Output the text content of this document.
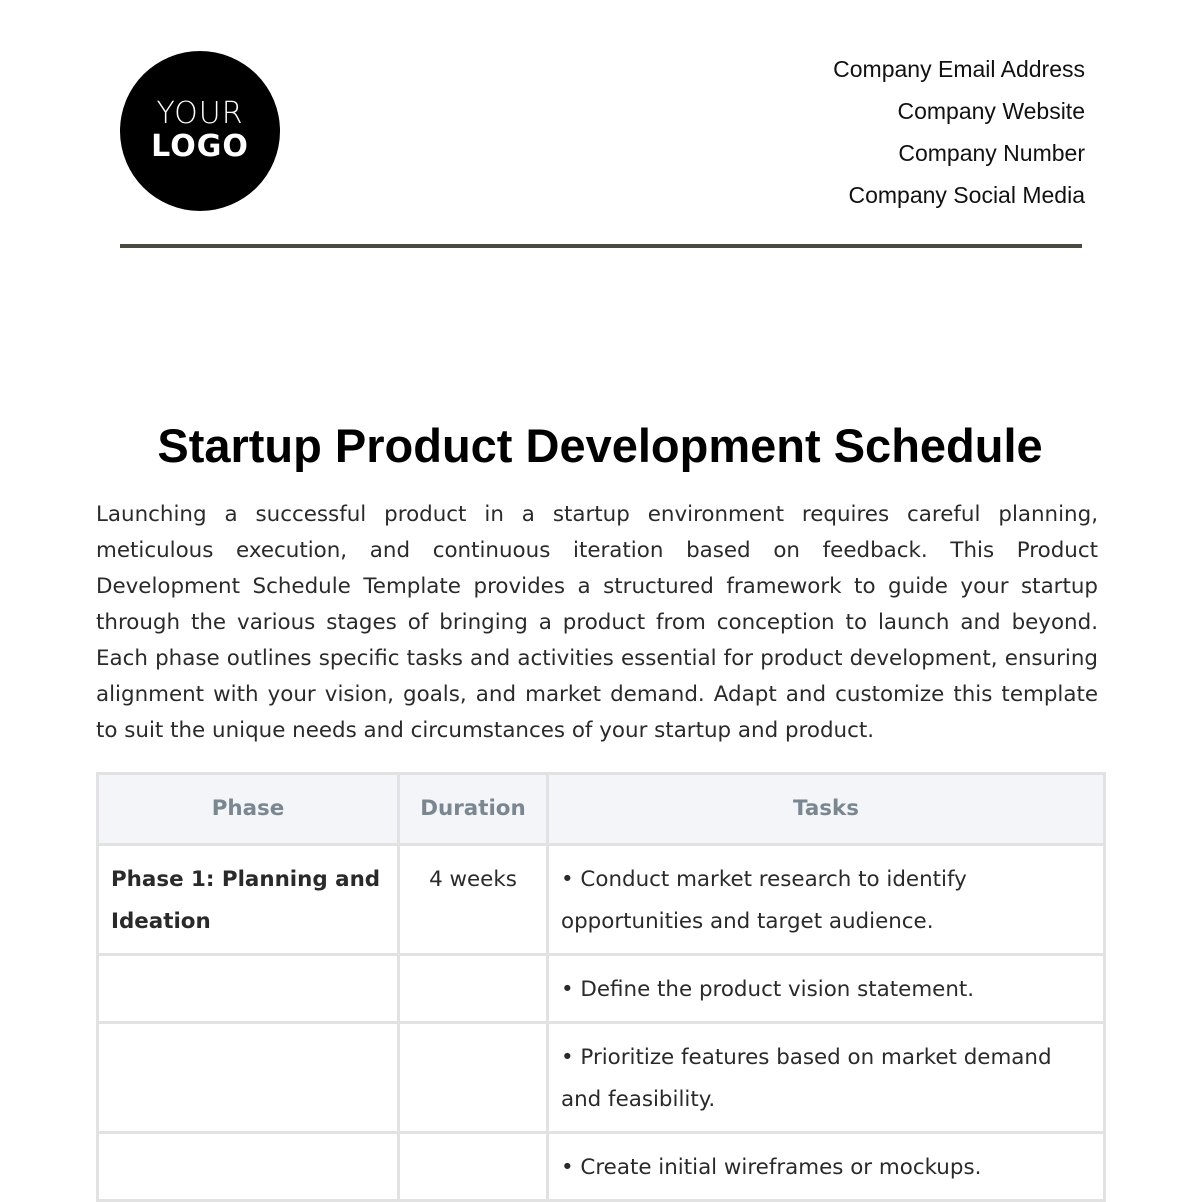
YOUR
LOGO
Company Email Address
Company Website
Company Number
Company Social Media
Startup Product Development Schedule

Launching a successful product in a startup environment requires careful planning, meticulous execution, and continuous iteration based on feedback. This Product Development Schedule Template provides a structured framework to guide your startup through the various stages of bringing a product from conception to launch and beyond. Each phase outlines specific tasks and activities essential for product development, ensuring alignment with your vision, goals, and market demand. Adapt and customize this template to suit the unique needs and circumstances of your startup and product.

Phase	Duration	Tasks
Phase 1: Planning and Ideation	4 weeks	• Conduct market research to identify opportunities and target audience.
		• Define the product vision statement.
		• Prioritize features based on market demand and feasibility.
		• Create initial wireframes or mockups.
